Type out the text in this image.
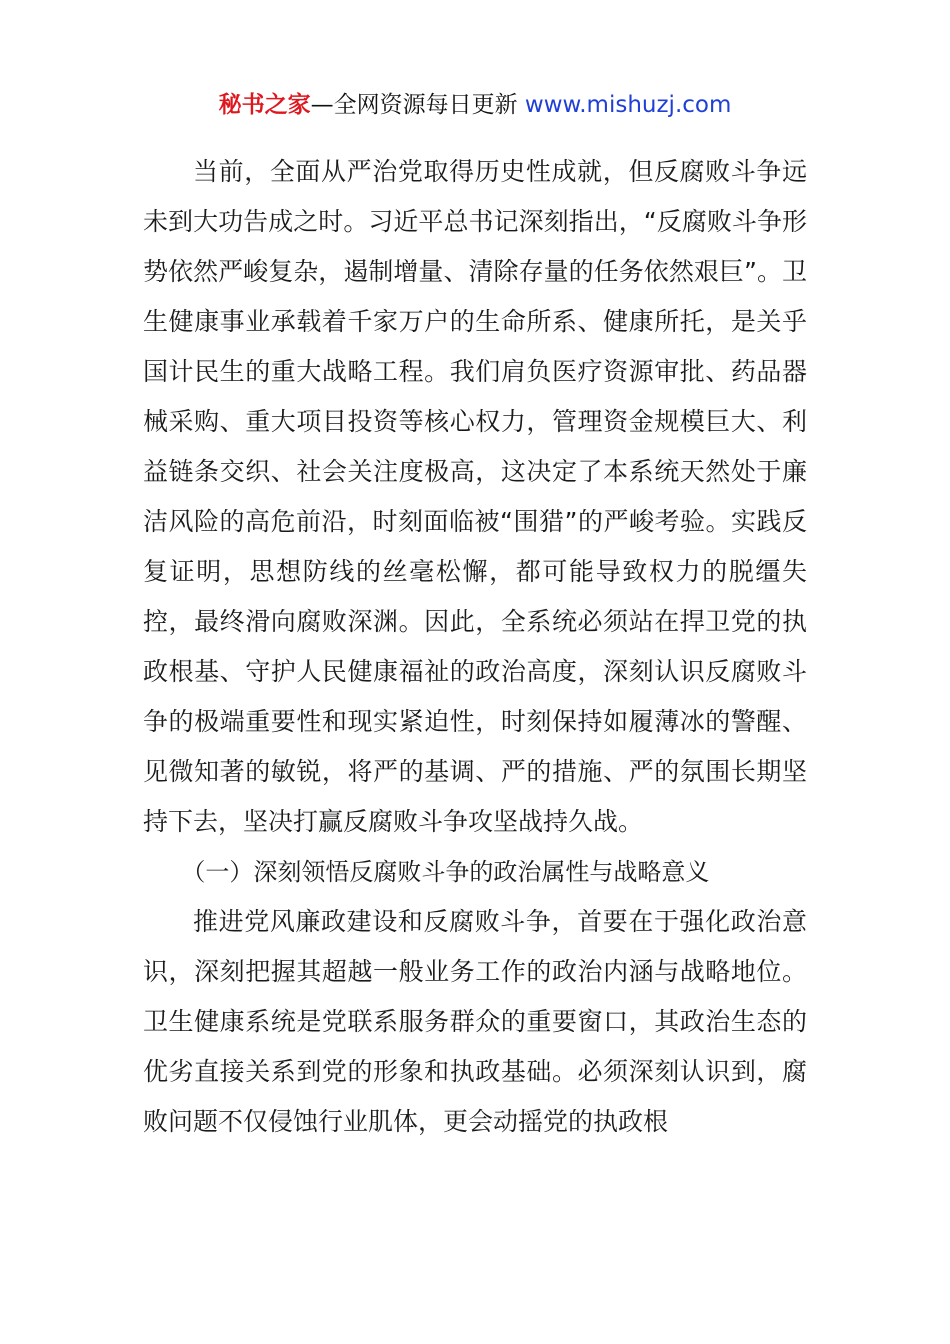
秘书之家—全网资源每日更新 www.mishuzj.com

当前，全面从严治党取得历史性成就，但反腐败斗争远未到大功告成之时。习近平总书记深刻指出，“反腐败斗争形势依然严峻复杂，遏制增量、清除存量的任务依然艰巨”。卫生健康事业承载着千家万户的生命所系、健康所托，是关乎国计民生的重大战略工程。我们肩负医疗资源审批、药品器械采购、重大项目投资等核心权力，管理资金规模巨大、利益链条交织、社会关注度极高，这决定了本系统天然处于廉洁风险的高危前沿，时刻面临被“围猎”的严峻考验。实践反复证明，思想防线的丝毫松懈，都可能导致权力的脱缰失控，最终滑向腐败深渊。因此，全系统必须站在捍卫党的执政根基、守护人民健康福祉的政治高度，深刻认识反腐败斗争的极端重要性和现实紧迫性，时刻保持如履薄冰的警醒、见微知著的敏锐，将严的基调、严的措施、严的氛围长期坚持下去，坚决打赢反腐败斗争攻坚战持久战。

（一）深刻领悟反腐败斗争的政治属性与战略意义

推进党风廉政建设和反腐败斗争，首要在于强化政治意识，深刻把握其超越一般业务工作的政治内涵与战略地位。卫生健康系统是党联系服务群众的重要窗口，其政治生态的优劣直接关系到党的形象和执政基础。必须深刻认识到，腐败问题不仅侵蚀行业肌体，更会动摇党的执政根
